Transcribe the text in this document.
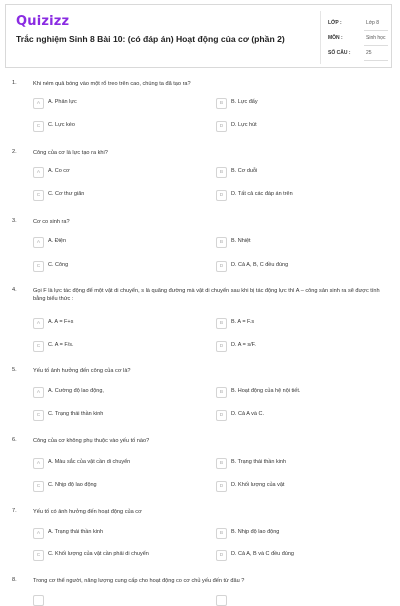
Quizizz
Trắc nghiệm Sinh 8 Bài 10: (có đáp án) Hoạt động của cơ (phần 2)
LỚP :	Lớp 8
MÔN :	Sinh học
SỐ CÂU :	25
1.	Khi ném quả bóng vào một rổ treo trên cao, chúng ta đã tạo ra?
A	A. Phản lực	B	B. Lực đẩy
C	C. Lực kéo	D	D. Lực hút
2.	Công của cơ là lực tạo ra khi?
A	A. Co cơ	B	B. Cơ duỗi
C	C. Cơ thư giãn	D	D. Tất cả các đáp án trên
3.	Cơ co sinh ra?
A	A. Điện	B	B. Nhiệt
C	C. Công	D	D. Cả A, B, C đều đúng
4.	Gọi F là lực tác động để một vật di chuyển, s là quãng đường mà vật di chuyển sau khi bị tác động lực thì A – công sản sinh ra sẽ được tính bằng biểu thức :
A	A. A = F+s	B	B. A = F.s
C	C. A = F/s.	D	D. A = s/F.
5.	Yếu tố ảnh hưởng đến công của cơ là?
A	A. Cường độ lao động,	B	B. Hoạt động của hệ nội tiết.
C	C. Trạng thái thần kinh	D	D. Cả A và C.
6.	Công của cơ không phụ thuộc vào yếu tố nào?
A	A. Màu sắc của vật cần di chuyển	B	B. Trạng thái thần kinh
C	C. Nhịp độ lao động	D	D. Khối lượng của vật
7.	Yếu tố có ảnh hưởng đến hoạt động của cơ
A	A. Trạng thái thần kinh	B	B. Nhịp độ lao động
C	C. Khối lượng của vật cần phải di chuyển	D	D. Cả A, B và C đều đúng
8.	Trong cơ thể người, năng lượng cung cấp cho hoạt động co cơ chủ yếu đến từ đâu ?
